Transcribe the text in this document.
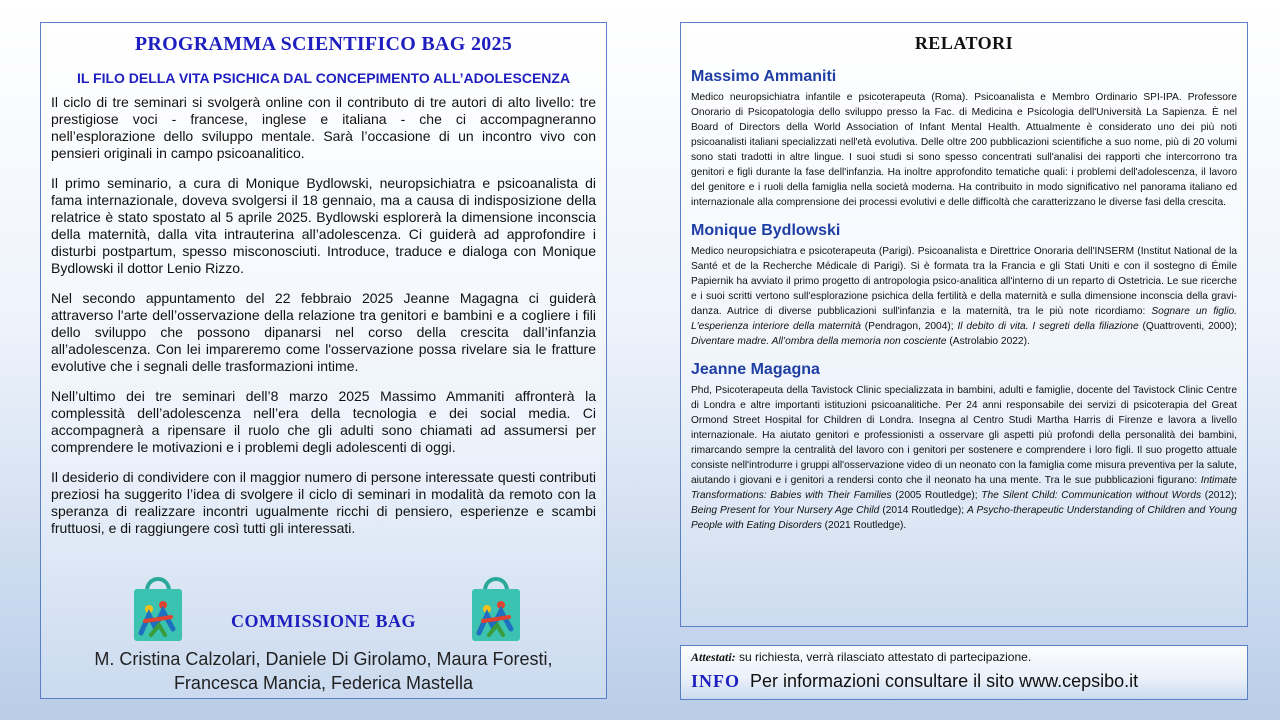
PROGRAMMA SCIENTIFICO BAG 2025
IL FILO DELLA VITA PSICHICA DAL CONCEPIMENTO ALL’ADOLESCENZA

Il ciclo di tre seminari si svolgerà online con il contributo di tre autori di alto livello: tre prestigiose voci - francese, inglese e italiana - che ci accompagneranno nell’esplorazione dello sviluppo mentale. Sarà l’occasione di un incontro vivo con pensieri originali in campo psicoanalitico.

Il primo seminario, a cura di Monique Bydlowski, neuropsichiatra e psicoanalista di fama internazionale, doveva svolgersi il 18 gennaio, ma a causa di indisposizione della relatrice è stato spostato al 5 aprile 2025. Bydlowski esplorerà la dimensione inconscia della maternità, dalla vita intrauterina all’adolescenza. Ci guiderà ad approfondire i disturbi postpartum, spesso misconosciuti. Introduce, traduce e dialoga con Monique Bydlowski il dottor Lenio Rizzo.

Nel secondo appuntamento del 22 febbraio 2025 Jeanne Magagna ci guiderà attraverso l'arte dell’osservazione della relazione tra genitori e bambini e a cogliere i fili dello sviluppo che possono dipanarsi nel corso della crescita dall’infanzia all’adolescenza. Con lei impareremo come l'osservazione possa rivelare sia le fratture evolutive che i segnali delle trasformazioni intime.

Nell’ultimo dei tre seminari dell’8 marzo 2025 Massimo Ammaniti affronterà la complessità dell’adolescenza nell’era della tecnologia e dei social media. Ci accompagnerà a ripensare il ruolo che gli adulti sono chiamati ad assumersi per comprendere le motivazioni e i problemi degli adolescenti di oggi.

Il desiderio di condividere con il maggior numero di persone interessate questi contributi preziosi ha suggerito l’idea di svolgere il ciclo di seminari in modalità da remoto con la speranza di realizzare incontri ugualmente ricchi di pensiero, esperienze e scambi fruttuosi, e di raggiungere così tutti gli interessati.

COMMISSIONE BAG
M. Cristina Calzolari, Daniele Di Girolamo, Maura Foresti,
Francesca Mancia, Federica Mastella
RELATORI
Massimo Ammaniti

Medico neuropsichiatra infantile e psicoterapeuta (Roma). Psicoanalista e Membro Ordinario SPI-IPA. Professore Onorario di Psicopatologia dello sviluppo presso la Fac. di Medicina e Psicologia dell'Università La Sapienza. È nel Board of Directors della World Association of Infant Mental Health. Attualmente è considerato uno dei più noti psicoanalisti italiani specializzati nell'età evolutiva. Delle oltre 200 pubblicazioni scientifiche a suo nome, più di 20 volumi sono stati tradotti in altre lingue. I suoi studi si sono spesso concentrati sull'analisi dei rapporti che intercorrono tra genitori e figli durante la fase dell'infanzia. Ha inoltre approfondito tematiche quali: i problemi dell'adolescenza, il lavoro del genitore e i ruoli della famiglia nella società moderna. Ha contribuito in modo significativo nel panorama italiano ed internazionale alla comprensione dei processi evolutivi e delle difficoltà che caratterizzano le diverse fasi della crescita.

Monique Bydlowski

Medico neuropsichiatra e psicoterapeuta (Parigi). Psicoanalista e Direttrice Onoraria dell'INSERM (Institut National de la Santé et de la Recherche Médicale di Parigi). Si è formata tra la Francia e gli Stati Uniti e con il sostegno di Émile Papiernik ha avviato il primo progetto di antropologia psico-analitica all'interno di un reparto di Ostetricia. Le sue ricerche e i suoi scritti vertono sull'esplorazione psichica della fertilità e della maternità e sulla dimensione inconscia della gravi-danza. Autrice di diverse pubblicazioni sull'infanzia e la maternità, tra le più note ricordiamo: Sognare un figlio. L'esperienza interiore della maternità (Pendragon, 2004); Il debito di vita. I segreti della filiazione (Quattroventi, 2000); Diventare madre. All’ombra della memoria non cosciente (Astrolabio 2022).

Jeanne Magagna

Phd, Psicoterapeuta della Tavistock Clinic specializzata in bambini, adulti e famiglie, docente del Tavistock Clinic Centre di Londra e altre importanti istituzioni psicoanalitiche. Per 24 anni responsabile dei servizi di psicoterapia del Great Ormond Street Hospital for Children di Londra. Insegna al Centro Studi Martha Harris di Firenze e lavora a livello internazionale. Ha aiutato genitori e professionisti a osservare gli aspetti più profondi della personalità dei bambini, rimarcando sempre la centralità del lavoro con i genitori per sostenere e comprendere i loro figli. Il suo progetto attuale consiste nell'introdurre i gruppi all'osservazione video di un neonato con la famiglia come misura preventiva per la salute, aiutando i giovani e i genitori a rendersi conto che il neonato ha una mente. Tra le sue pubblicazioni figurano: Intimate Transformations: Babies with Their Families (2005 Routledge); The Silent Child: Communication without Words (2012); Being Present for Your Nursery Age Child (2014 Routledge); A Psycho-therapeutic Understanding of Children and Young People with Eating Disorders (2021 Routledge).

Attestati: su richiesta, verrà rilasciato attestato di partecipazione.
INFO Per informazioni consultare il sito www.cepsibo.it
